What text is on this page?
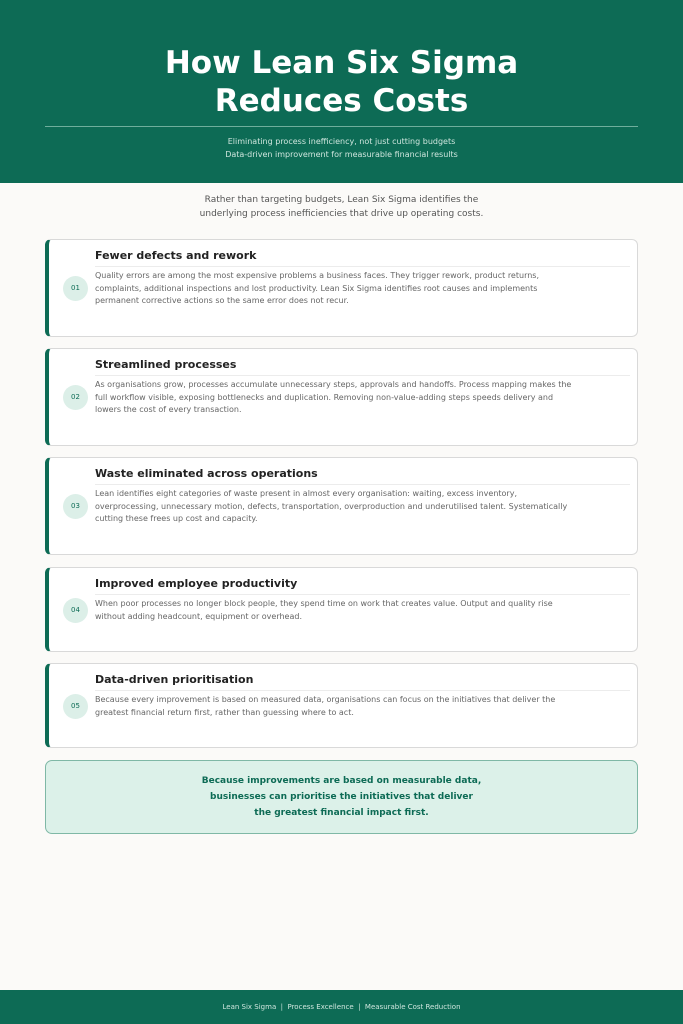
How Lean Six Sigma
Reduces Costs
Eliminating process inefficiency, not just cutting budgets
Data-driven improvement for measurable financial results
Rather than targeting budgets, Lean Six Sigma identifies the
underlying process inefficiencies that drive up operating costs.
Fewer defects and rework
01
Quality errors are among the most expensive problems a business faces. They trigger rework, product returns,
complaints, additional inspections and lost productivity. Lean Six Sigma identifies root causes and implements
permanent corrective actions so the same error does not recur.
Streamlined processes
02
As organisations grow, processes accumulate unnecessary steps, approvals and handoffs. Process mapping makes the
full workflow visible, exposing bottlenecks and duplication. Removing non-value-adding steps speeds delivery and
lowers the cost of every transaction.
Waste eliminated across operations
03
Lean identifies eight categories of waste present in almost every organisation: waiting, excess inventory,
overprocessing, unnecessary motion, defects, transportation, overproduction and underutilised talent. Systematically
cutting these frees up cost and capacity.
Improved employee productivity
04
When poor processes no longer block people, they spend time on work that creates value. Output and quality rise
without adding headcount, equipment or overhead.
Data-driven prioritisation
05
Because every improvement is based on measured data, organisations can focus on the initiatives that deliver the
greatest financial return first, rather than guessing where to act.
Because improvements are based on measurable data,
businesses can prioritise the initiatives that deliver
the greatest financial impact first.
Lean Six Sigma  |  Process Excellence  |  Measurable Cost Reduction
